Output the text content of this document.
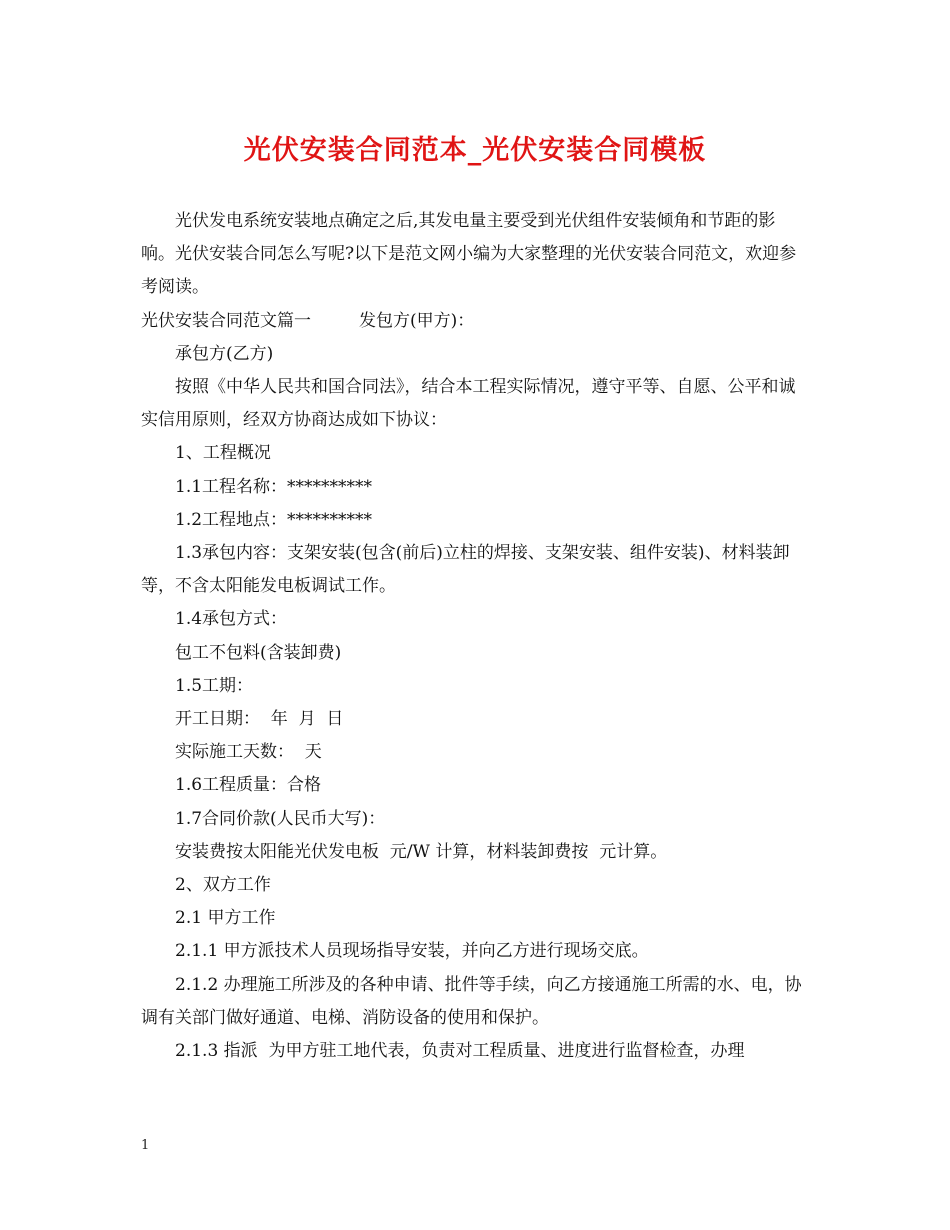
光伏安装合同范本_光伏安装合同模板

光伏发电系统安装地点确定之后,其发电量主要受到光伏组件安装倾角和节距的影响。光伏安装合同怎么写呢?以下是范文网小编为大家整理的光伏安装合同范文，欢迎参考阅读。

光伏安装合同范文篇一	发包方(甲方)：

承包方(乙方)

按照《中华人民共和国合同法》，结合本工程实际情况，遵守平等、自愿、公平和诚实信用原则，经双方协商达成如下协议：

1、工程概况

1.1工程名称：**********

1.2工程地点：**********

1.3承包内容：支架安装(包含(前后)立柱的焊接、支架安装、组件安装)、材料装卸等，不含太阳能发电板调试工作。

1.4承包方式：

包工不包料(含装卸费)

1.5工期：

开工日期：  年  月  日

实际施工天数：  天

1.6工程质量：合格

1.7合同价款(人民币大写)：

安装费按太阳能光伏发电板  元/W 计算，材料装卸费按  元计算。

2、双方工作

2.1 甲方工作

2.1.1 甲方派技术人员现场指导安装，并向乙方进行现场交底。

2.1.2 办理施工所涉及的各种申请、批件等手续，向乙方接通施工所需的水、电，协调有关部门做好通道、电梯、消防设备的使用和保护。

2.1.3 指派  为甲方驻工地代表，负责对工程质量、进度进行监督检查，办理

1
